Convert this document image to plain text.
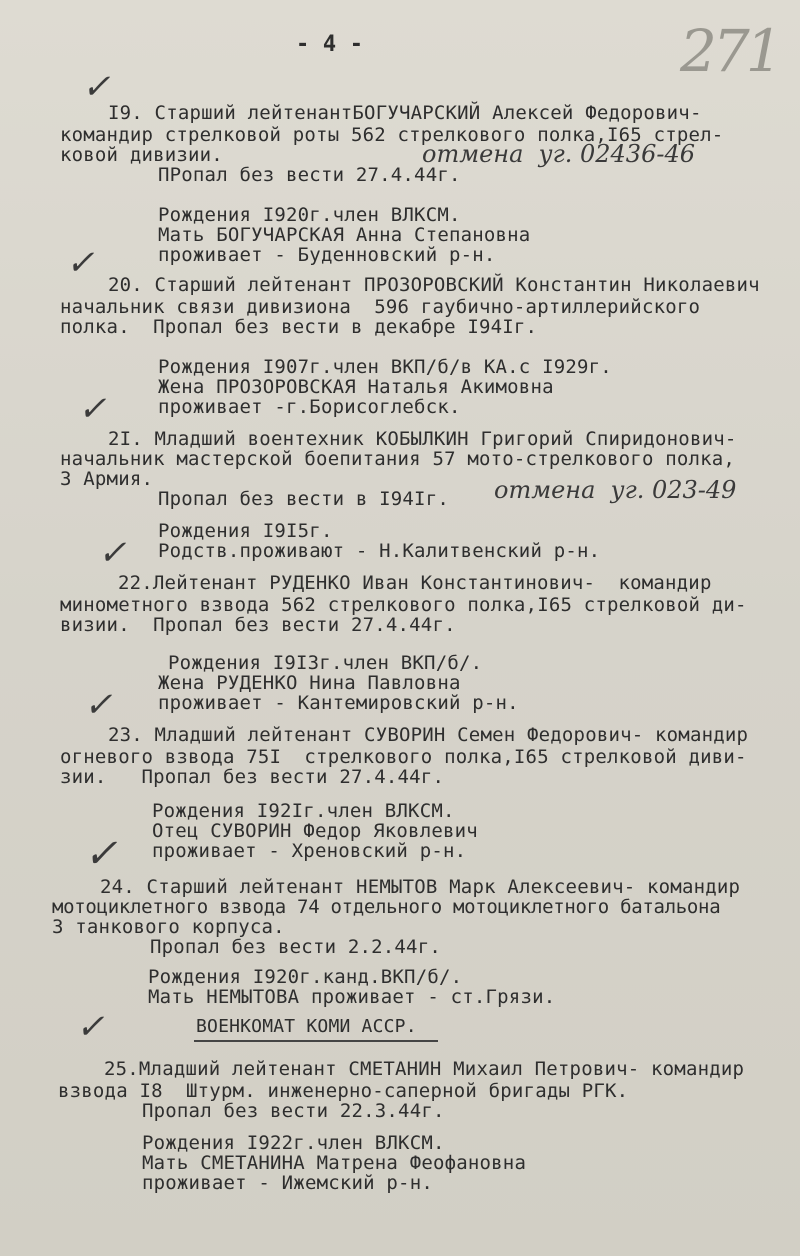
- 4 -	271
✓
I9. Старший лейтенантБОГУЧАРСКИЙ Алексей Федорович-
командир стрелковой роты 562 стрелкового полка,I65 стрел-
ковой дивизии.
ПРопал без вести 27.4.44г.
отмена  уг. 02436-46
Рождения I920г.член ВЛКСМ.
Мать БОГУЧАРСКАЯ Анна Степановна
проживает - Буденновский р-н.
✓
20. Старший лейтенант ПРОЗОРОВСКИЙ Константин Николаевич
начальник связи дивизиона  596 гаубично-артиллерийского
полка.  Пропал без вести в декабре I94Iг.
Рождения I907г.член ВКП/б/в КА.с I929г.
Жена ПРОЗОРОВСКАЯ Наталья Акимовна
проживает -г.Борисоглебск.
✓
2I. Младший воентехник КОБЫЛКИН Григорий Спиридонович-
начальник мастерской боепитания 57 мото-стрелкового полка,
3 Армия.
Пропал без вести в I94Iг. отмена  уг. 023-49
Рождения I9I5г.
Родств.проживают - Н.Калитвенский р-н.
✓
22.Лейтенант РУДЕНКО Иван Константинович-  командир
минометного взвода 562 стрелкового полка,I65 стрелковой ди-
визии.  Пропал без вести 27.4.44г.
Рождения I9I3г.член ВКП/б/.
Жена РУДЕНКО Нина Павловна
проживает - Кантемировский р-н.
✓
23. Младший лейтенант СУВОРИН Семен Федорович- командир
огневого взвода 75I  стрелкового полка,I65 стрелковой диви-
зии.   Пропал без вести 27.4.44г.
Рождения I92Iг.член ВЛКСМ.
Отец СУВОРИН Федор Яковлевич
проживает - Хреновский р-н.
✓
24. Старший лейтенант НЕМЫТОВ Марк Алексеевич- командир
мотоциклетного взвода 74 отдельного мотоциклетного батальона
3 танкового корпуса.
Пропал без вести 2.2.44г.
Рождения I920г.канд.ВКП/б/.
Мать НЕМЫТОВА проживает - ст.Грязи.
✓	ВОЕНКОМАТ КОМИ АССР.
25.Младший лейтенант СМЕТАНИН Михаил Петрович- командир
взвода I8  Штурм. инженерно-саперной бригады РГК.
Пропал без вести 22.3.44г.
Рождения I922г.член ВЛКСМ.
Мать СМЕТАНИНА Матрена Феофановна
проживает - Ижемский р-н.
